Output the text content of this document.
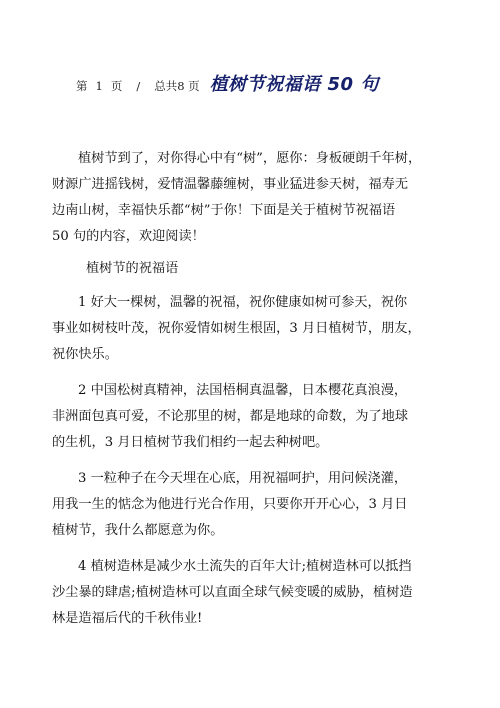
第 1 页 / 总共8 页 植树节祝福语 50 句
植树节到了，对你得心中有“树”，愿你：身板硬朗千年树，
财源广进摇钱树，爱情温馨藤缠树，事业猛进参天树，福寿无
边南山树，幸福快乐都“树”于你！下面是关于植树节祝福语
50 句的内容，欢迎阅读！
植树节的祝福语
1 好大一棵树，温馨的祝福，祝你健康如树可参天，祝你
事业如树枝叶茂，祝你爱情如树生根固，3 月日植树节，朋友，
祝你快乐。
2 中国松树真精神，法国梧桐真温馨，日本樱花真浪漫，
非洲面包真可爱，不论那里的树，都是地球的命数，为了地球
的生机，3 月日植树节我们相约一起去种树吧。
3 一粒种子在今天埋在心底，用祝福呵护，用问候浇灌，
用我一生的惦念为他进行光合作用，只要你开开心心，3 月日
植树节，我什么都愿意为你。
4 植树造林是减少水土流失的百年大计;植树造林可以抵挡
沙尘暴的肆虐;植树造林可以直面全球气候变暖的威胁，植树造
林是造福后代的千秋伟业!
